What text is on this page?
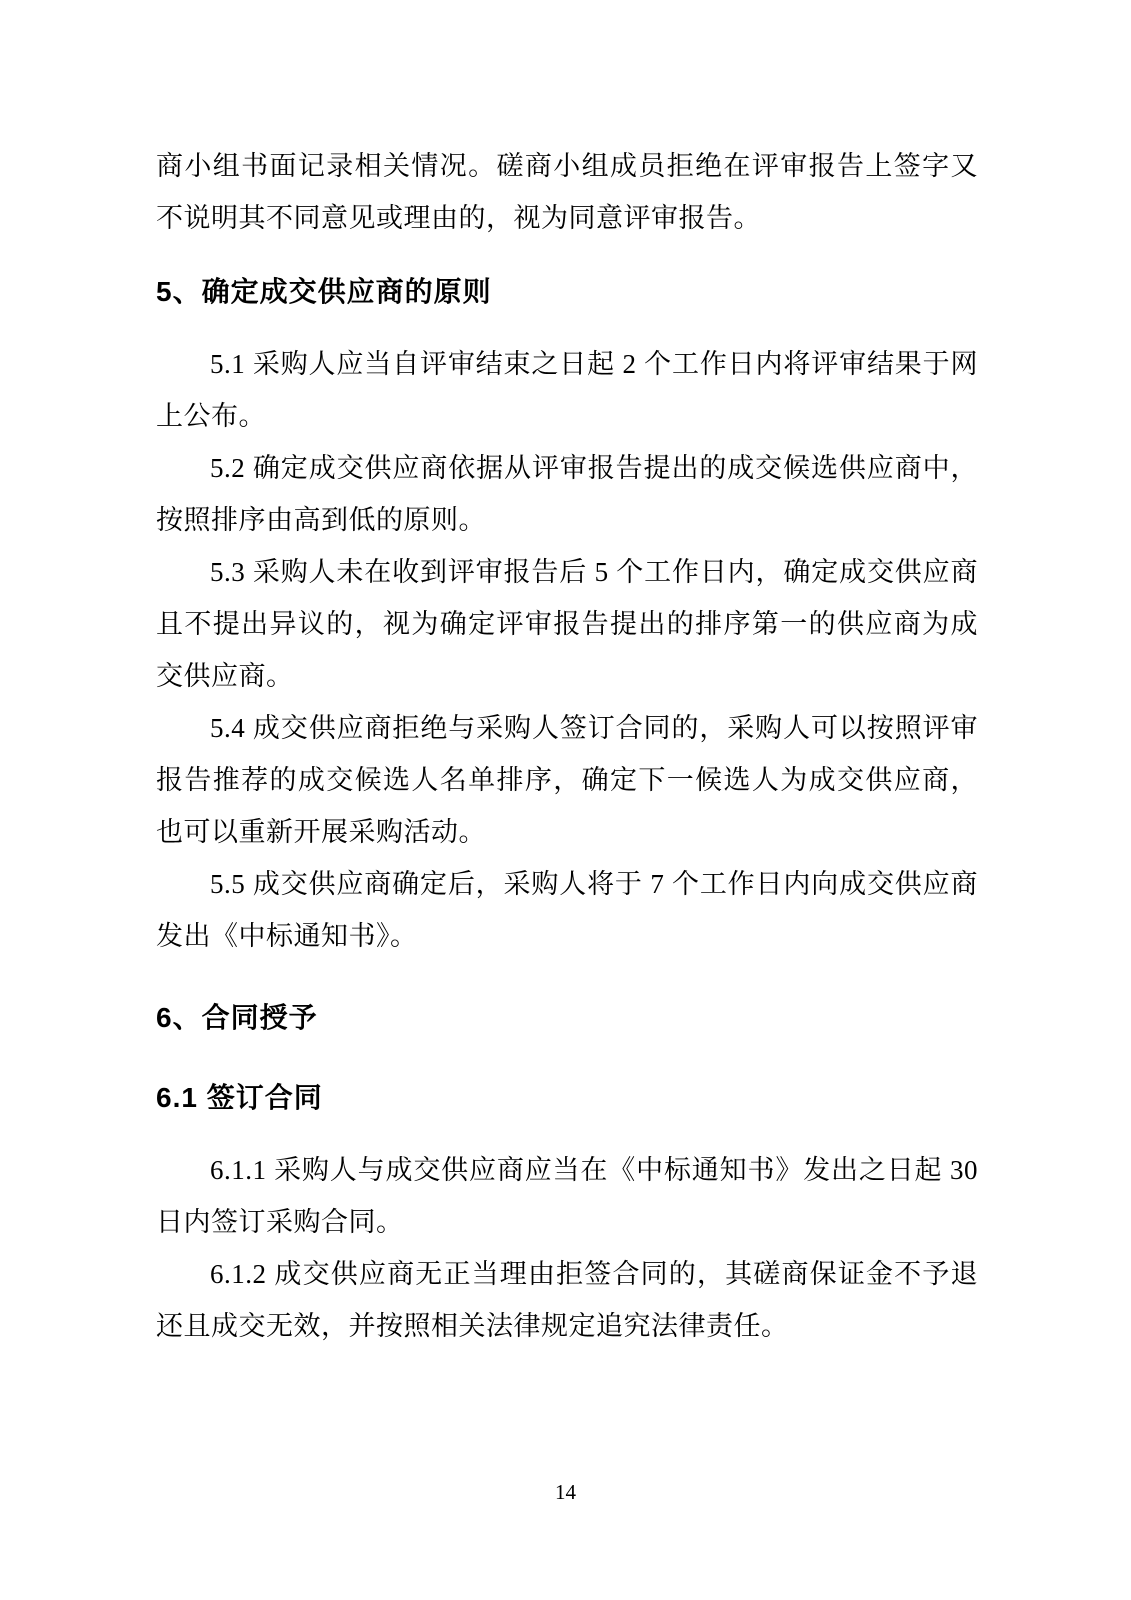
商小组书面记录相关情况。磋商小组成员拒绝在评审报告上签字又不说明其不同意见或理由的，视为同意评审报告。

5、确定成交供应商的原则

5.1 采购人应当自评审结束之日起 2 个工作日内将评审结果于网上公布。

5.2 确定成交供应商依据从评审报告提出的成交候选供应商中，按照排序由高到低的原则。

5.3 采购人未在收到评审报告后 5 个工作日内，确定成交供应商且不提出异议的，视为确定评审报告提出的排序第一的供应商为成交供应商。

5.4 成交供应商拒绝与采购人签订合同的，采购人可以按照评审报告推荐的成交候选人名单排序，确定下一候选人为成交供应商，也可以重新开展采购活动。

5.5 成交供应商确定后，采购人将于 7 个工作日内向成交供应商发出《中标通知书》。

6、合同授予
6.1 签订合同

6.1.1 采购人与成交供应商应当在《中标通知书》发出之日起 30 日内签订采购合同。

6.1.2 成交供应商无正当理由拒签合同的，其磋商保证金不予退还且成交无效，并按照相关法律规定追究法律责任。

14
